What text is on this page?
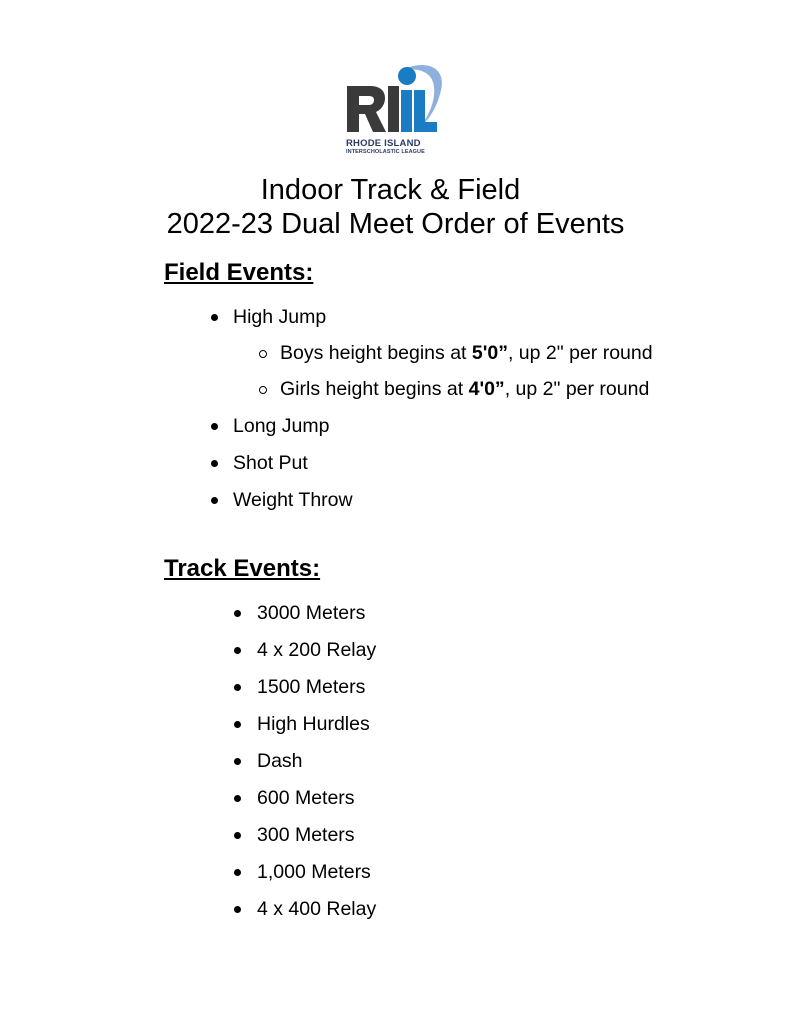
RHODE ISLAND
INTERSCHOLASTIC LEAGUE
Indoor Track & Field
2022-23 Dual Meet Order of Events
Field Events:
High Jump
Boys height begins at 5'0”, up 2" per round
Girls height begins at 4'0”, up 2" per round
Long Jump
Shot Put
Weight Throw
Track Events:
3000 Meters
4 x 200 Relay
1500 Meters
High Hurdles
Dash
600 Meters
300 Meters
1,000 Meters
4 x 400 Relay
